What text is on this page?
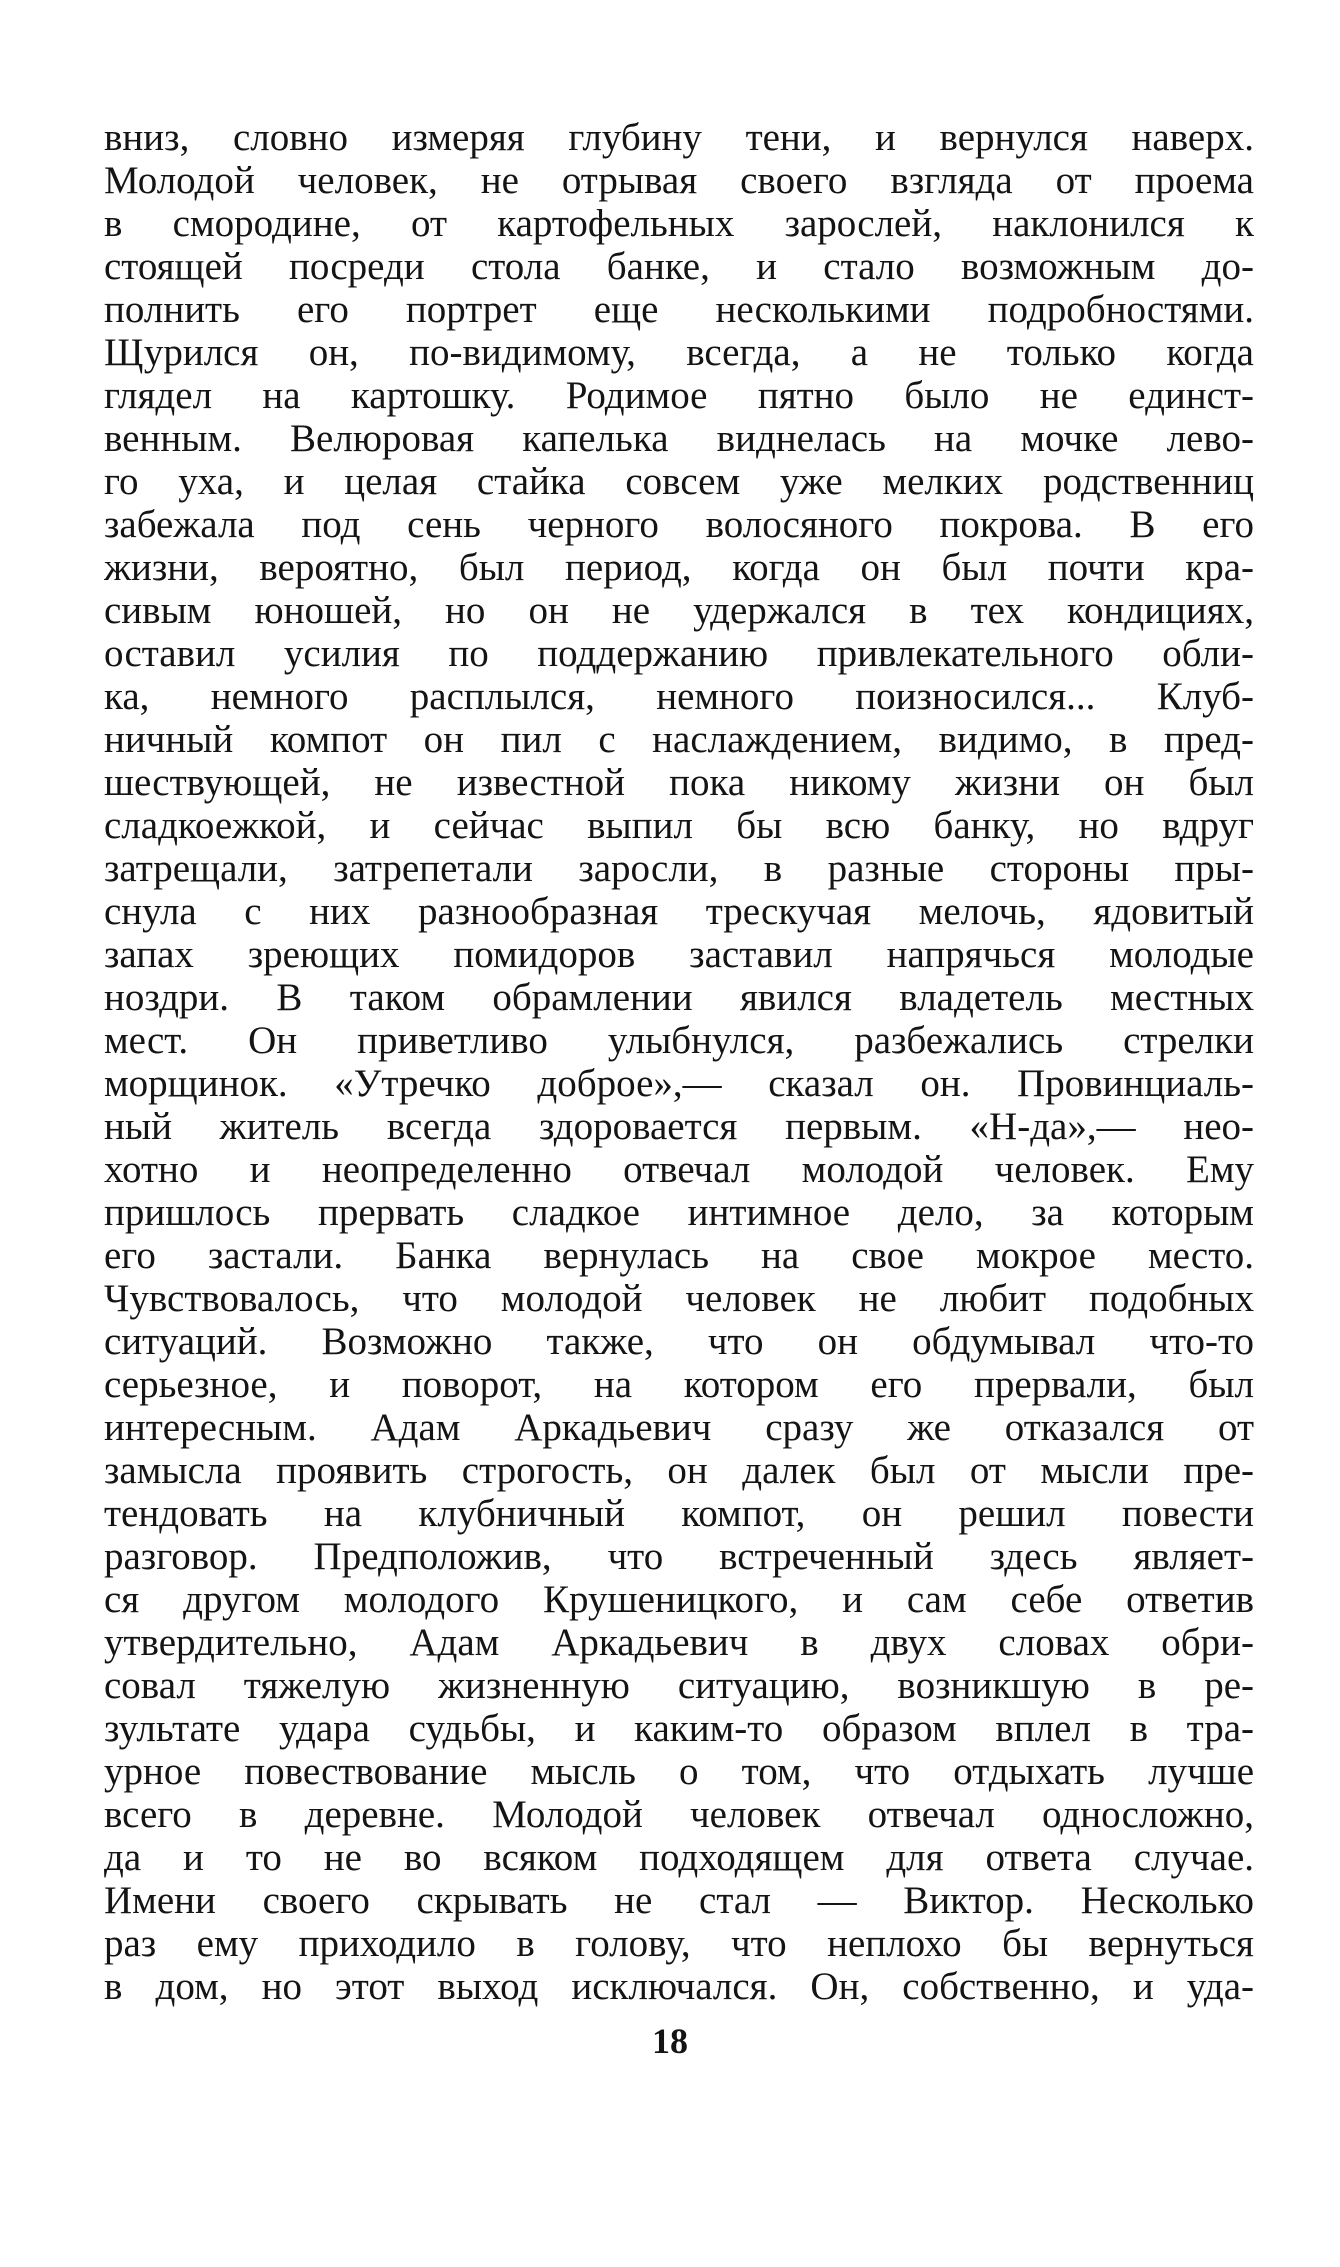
вниз, словно измеряя глубину тени, и вернулся наверх.
Молодой человек, не отрывая своего взгляда от проема
в смородине, от картофельных зарослей, наклонился к
стоящей посреди стола банке, и стало возможным до-
полнить его портрет еще несколькими подробностями.
Щурился он, по-видимому, всегда, а не только когда
глядел на картошку. Родимое пятно было не единст-
венным. Велюровая капелька виднелась на мочке лево-
го уха, и целая стайка совсем уже мелких родственниц
забежала под сень черного волосяного покрова. В его
жизни, вероятно, был период, когда он был почти кра-
сивым юношей, но он не удержался в тех кондициях,
оставил усилия по поддержанию привлекательного обли-
ка, немного расплылся, немного поизносился... Клуб-
ничный компот он пил с наслаждением, видимо, в пред-
шествующей, не известной пока никому жизни он был
сладкоежкой, и сейчас выпил бы всю банку, но вдруг
затрещали, затрепетали заросли, в разные стороны пры-
снула с них разнообразная трескучая мелочь, ядовитый
запах зреющих помидоров заставил напрячься молодые
ноздри. В таком обрамлении явился владетель местных
мест. Он приветливо улыбнулся, разбежались стрелки
морщинок. «Утречко доброе»,— сказал он. Провинциаль-
ный житель всегда здоровается первым. «Н-да»,— нео-
хотно и неопределенно отвечал молодой человек. Ему
пришлось прервать сладкое интимное дело, за которым
его застали. Банка вернулась на свое мокрое место.
Чувствовалось, что молодой человек не любит подобных
ситуаций. Возможно также, что он обдумывал что-то
серьезное, и поворот, на котором его прервали, был
интересным. Адам Аркадьевич сразу же отказался от
замысла проявить строгость, он далек был от мысли пре-
тендовать на клубничный компот, он решил повести
разговор. Предположив, что встреченный здесь являет-
ся другом молодого Крушеницкого, и сам себе ответив
утвердительно, Адам Аркадьевич в двух словах обри-
совал тяжелую жизненную ситуацию, возникшую в ре-
зультате удара судьбы, и каким-то образом вплел в тра-
урное повествование мысль о том, что отдыхать лучше
всего в деревне. Молодой человек отвечал односложно,
да и то не во всяком подходящем для ответа случае.
Имени своего скрывать не стал — Виктор. Несколько
раз ему приходило в голову, что неплохо бы вернуться
в дом, но этот выход исключался. Он, собственно, и уда-
18
